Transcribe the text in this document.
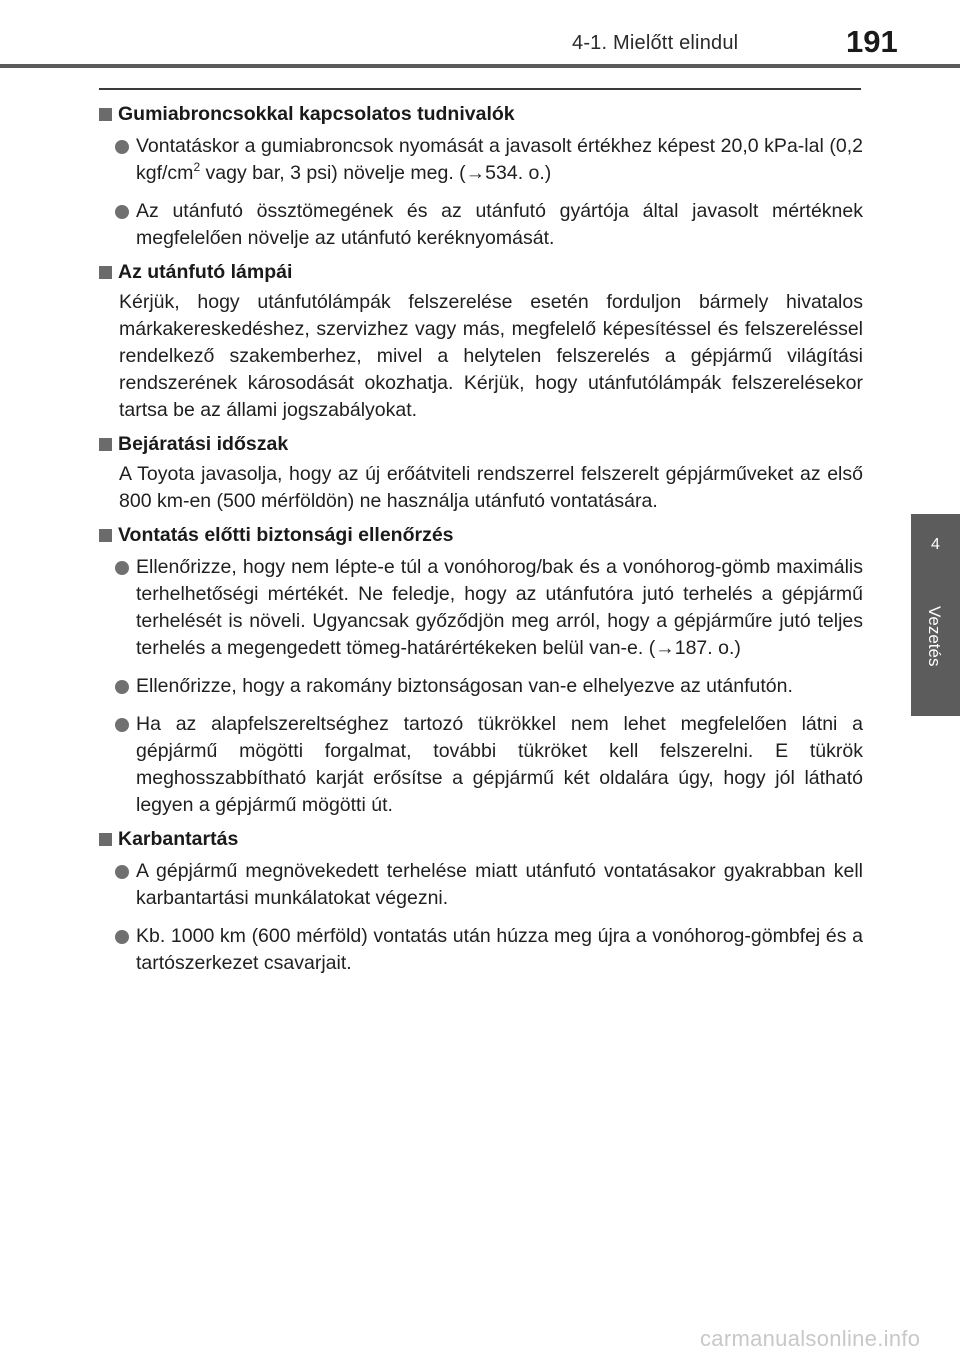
4-1. Mielőtt elindul	191
4
Vezetés
Gumiabroncsokkal kapcsolatos tudnivalók
Vontatáskor a gumiabroncsok nyomását a javasolt értékhez képest 20,0 kPa-lal (0,2 kgf/$cm^2$ vagy bar, 3 psi) növelje meg. (→534. o.)
Az utánfutó össztömegének és az utánfutó gyártója által javasolt mértéknek megfelelően növelje az utánfutó keréknyomását.
Az utánfutó lámpái
Kérjük, hogy utánfutólámpák felszerelése esetén forduljon bármely hivatalos márkakereskedéshez, szervizhez vagy más, megfelelő képesítéssel és felszereléssel rendelkező szakemberhez, mivel a helytelen felszerelés a gépjármű világítási rendszerének károsodását okozhatja. Kérjük, hogy utánfutólámpák felszerelésekor tartsa be az állami jogszabályokat.
Bejáratási időszak
A Toyota javasolja, hogy az új erőátviteli rendszerrel felszerelt gépjárműveket az első 800 km-en (500 mérföldön) ne használja utánfutó vontatására.
Vontatás előtti biztonsági ellenőrzés
Ellenőrizze, hogy nem lépte-e túl a vonóhorog/bak és a vonóhorog-gömb maximális terhelhetőségi mértékét. Ne feledje, hogy az utánfutóra jutó terhelés a gépjármű terhelését is növeli. Ugyancsak győződjön meg arról, hogy a gépjárműre jutó teljes terhelés a megengedett tömeg-határértékeken belül van-e. (→187. o.)
Ellenőrizze, hogy a rakomány biztonságosan van-e elhelyezve az utánfutón.
Ha az alapfelszereltséghez tartozó tükrökkel nem lehet megfelelően látni a gépjármű mögötti forgalmat, további tükröket kell felszerelni. E tükrök meghosszabbítható karját erősítse a gépjármű két oldalára úgy, hogy jól látható legyen a gépjármű mögötti út.
Karbantartás
A gépjármű megnövekedett terhelése miatt utánfutó vontatásakor gyakrabban kell karbantartási munkálatokat végezni.
Kb. 1000 km (600 mérföld) vontatás után húzza meg újra a vonóhorog-gömbfej és a tartószerkezet csavarjait.
carmanualsonline.info
